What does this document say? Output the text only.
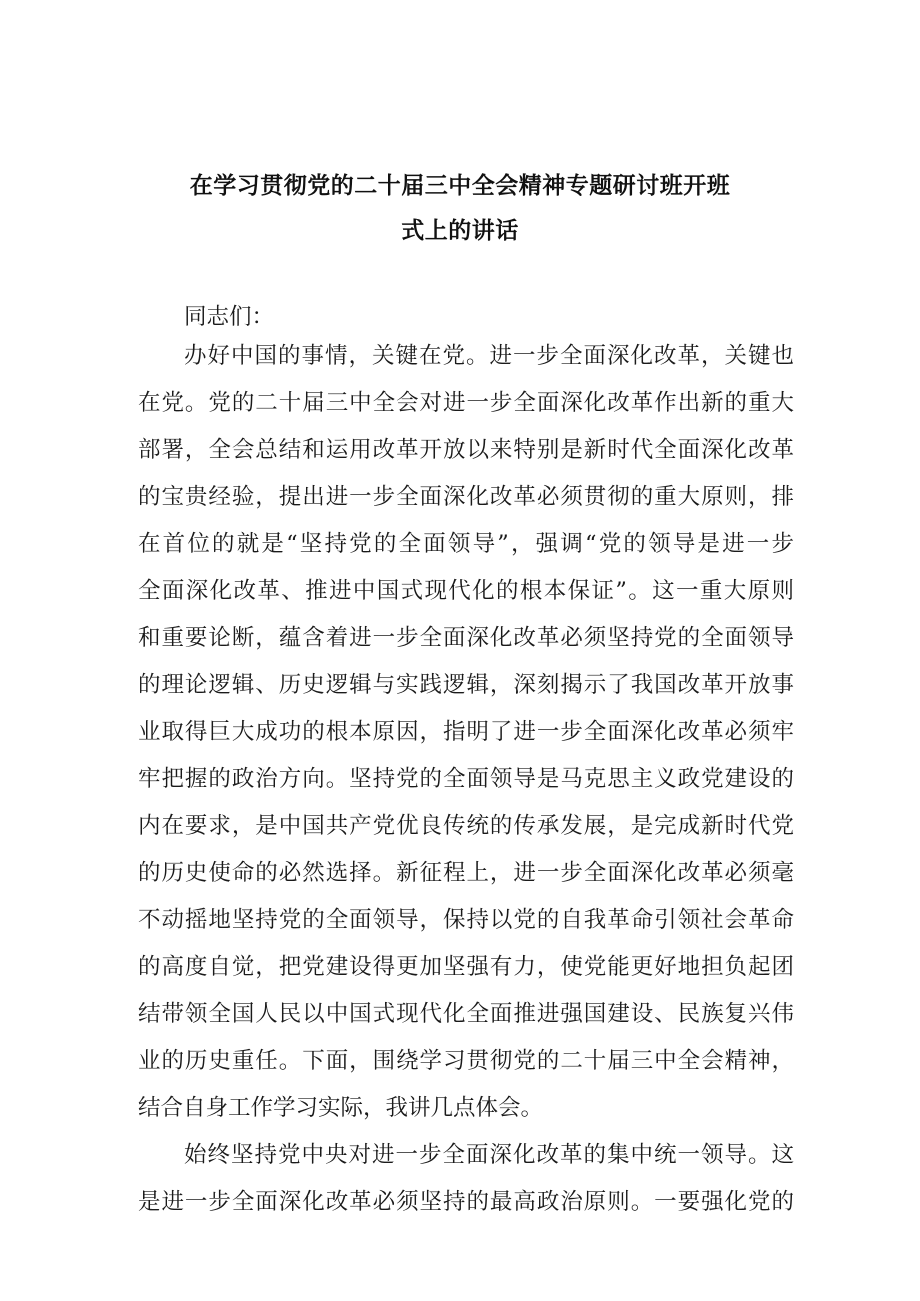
在学习贯彻党的二十届三中全会精神专题研讨班开班
式上的讲话
同志们：
办好中国的事情，关键在党。进一步全面深化改革，关键也
在党。党的二十届三中全会对进一步全面深化改革作出新的重大
部署，全会总结和运用改革开放以来特别是新时代全面深化改革
的宝贵经验，提出进一步全面深化改革必须贯彻的重大原则，排
在首位的就是“坚持党的全面领导”，强调“党的领导是进一步
全面深化改革、推进中国式现代化的根本保证”。这一重大原则
和重要论断，蕴含着进一步全面深化改革必须坚持党的全面领导
的理论逻辑、历史逻辑与实践逻辑，深刻揭示了我国改革开放事
业取得巨大成功的根本原因，指明了进一步全面深化改革必须牢
牢把握的政治方向。坚持党的全面领导是马克思主义政党建设的
内在要求，是中国共产党优良传统的传承发展，是完成新时代党
的历史使命的必然选择。新征程上，进一步全面深化改革必须毫
不动摇地坚持党的全面领导，保持以党的自我革命引领社会革命
的高度自觉，把党建设得更加坚强有力，使党能更好地担负起团
结带领全国人民以中国式现代化全面推进强国建设、民族复兴伟
业的历史重任。下面，围绕学习贯彻党的二十届三中全会精神，
结合自身工作学习实际，我讲几点体会。
始终坚持党中央对进一步全面深化改革的集中统一领导。这
是进一步全面深化改革必须坚持的最高政治原则。一要强化党的
